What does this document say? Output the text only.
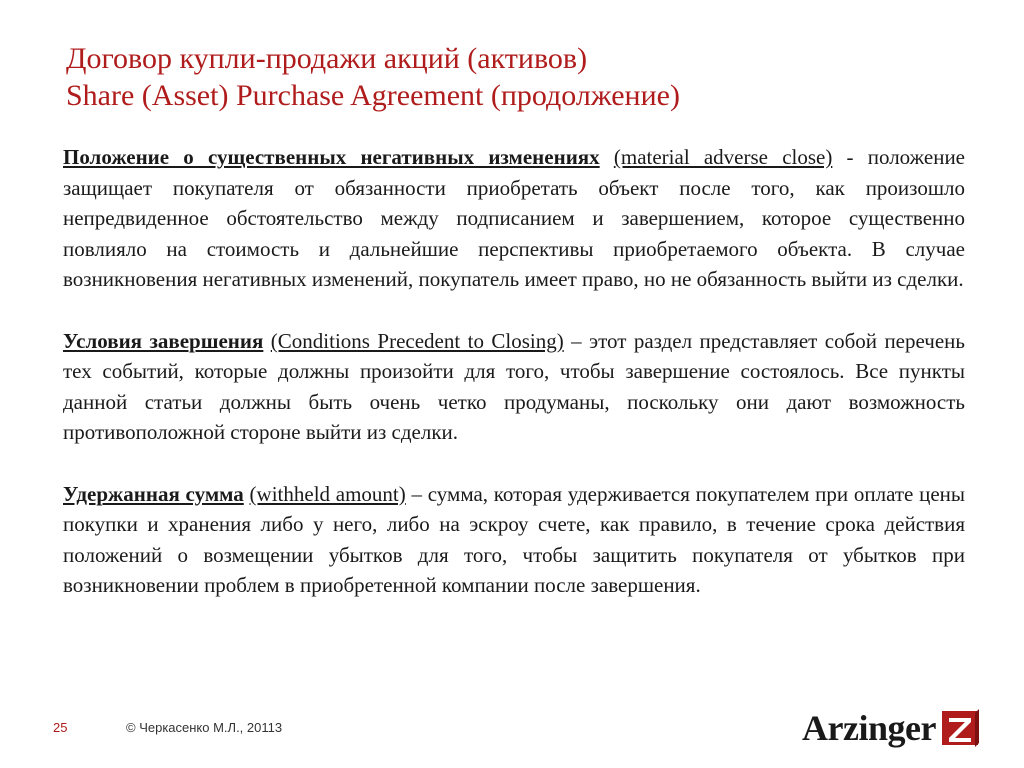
Договор купли-продажи акций (активов)
Share (Asset) Purchase Agreement (продолжение)

Положение о существенных негативных изменениях (material adverse close) - положение защищает покупателя от обязанности приобретать объект после того, как произошло непредвиденное обстоятельство между подписанием и завершением, которое существенно повлияло на стоимость и дальнейшие перспективы приобретаемого объекта. В случае возникновения негативных изменений, покупатель имеет право, но не обязанность выйти из сделки.

Условия завершения (Conditions Precedent to Closing) – этот раздел представляет собой перечень тех событий, которые должны произойти для того, чтобы завершение состоялось. Все пункты данной статьи должны быть очень четко продуманы, поскольку они дают возможность противоположной стороне выйти из сделки.

Удержанная сумма (withheld amount) – сумма, которая удерживается покупателем при оплате цены покупки и хранения либо у него, либо на эскроу счете, как правило, в течение срока действия положений о возмещении убытков для того, чтобы защитить покупателя от убытков при возникновении проблем в приобретенной компании после завершения.

25	© Черкасенко М.Л., 20113	Arzinger
